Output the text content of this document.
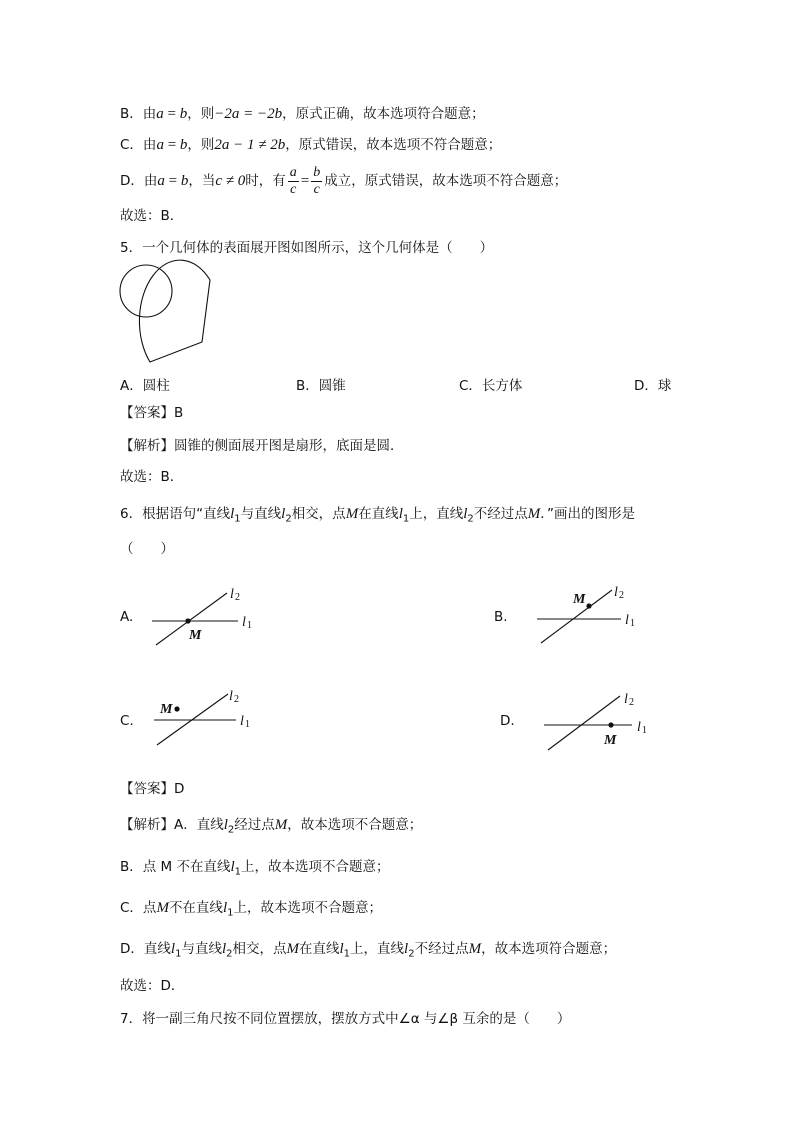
B．由a = b，则−2a = −2b，原式正确，故本选项符合题意；
C．由a = b，则2a − 1 ≠ 2b，原式错误，故本选项不符合题意；
D．由a = b，当c ≠ 0时，有 $\frac{a}{c} = \frac{b}{c}$ 成立，原式错误，故本选项不符合题意；
故选：B．
5．一个几何体的表面展开图如图所示，这个几何体是（　　）
A．圆柱	B．圆锥	C．长方体	D．球
【答案】B
【解析】圆锥的侧面展开图是扇形，底面是圆．
故选：B．
6．根据语句“直线$l_1$与直线$l_2$相交，点M在直线$l_1$上，直线$l_2$不经过点M．”画出的图形是
（　　）
A.	B.
C.	D.
M
l 1
l 2	M
l 1
l 2
M
l 1
l 2
M
l 1
l 2
【答案】D
【解析】A．直线$l_2$经过点M，故本选项不合题意；
B．点 M 不在直线$l_1$上，故本选项不合题意；
C．点M不在直线$l_1$上，故本选项不合题意；
D．直线$l_1$与直线$l_2$相交，点M在直线$l_1$上，直线$l_2$不经过点M，故本选项符合题意；
故选：D．
7．将一副三角尺按不同位置摆放，摆放方式中∠α 与∠β 互余的是（　　）
